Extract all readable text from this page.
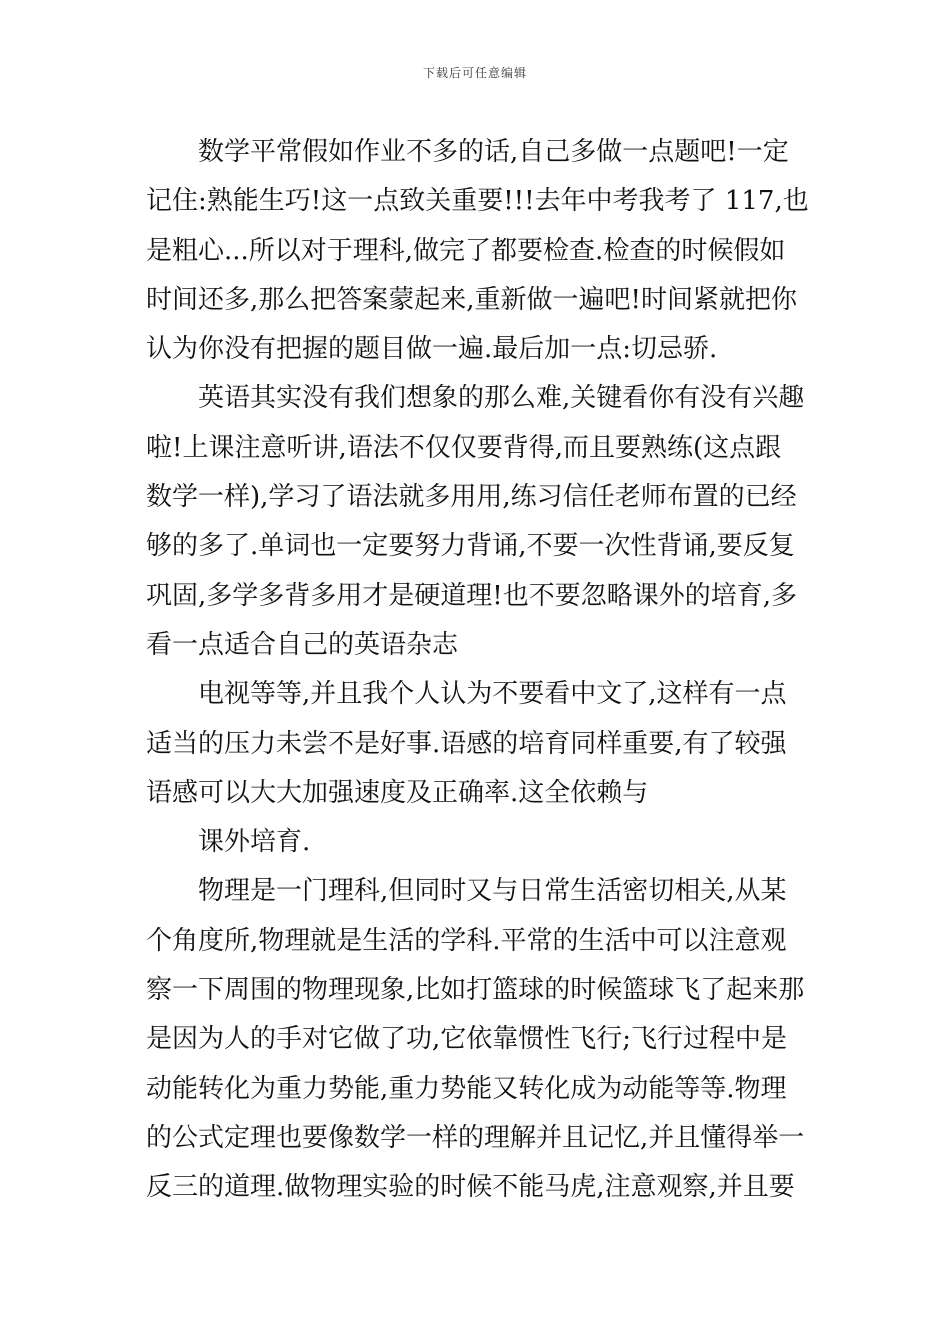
下载后可任意编辑
数学平常假如作业不多的话,自己多做一点题吧!一定
记住:熟能生巧!这一点致关重要!!!去年中考我考了 117,也
是粗心...所以对于理科,做完了都要检查.检查的时候假如
时间还多,那么把答案蒙起来,重新做一遍吧!时间紧就把你
认为你没有把握的题目做一遍.最后加一点:切忌骄.
英语其实没有我们想象的那么难,关键看你有没有兴趣
啦!上课注意听讲,语法不仅仅要背得,而且要熟练(这点跟
数学一样),学习了语法就多用用,练习信任老师布置的已经
够的多了.单词也一定要努力背诵,不要一次性背诵,要反复
巩固,多学多背多用才是硬道理!也不要忽略课外的培育,多
看一点适合自己的英语杂志
电视等等,并且我个人认为不要看中文了,这样有一点
适当的压力未尝不是好事.语感的培育同样重要,有了较强
语感可以大大加强速度及正确率.这全依赖与
课外培育.
物理是一门理科,但同时又与日常生活密切相关,从某
个角度所,物理就是生活的学科.平常的生活中可以注意观
察一下周围的物理现象,比如打篮球的时候篮球飞了起来那
是因为人的手对它做了功,它依靠惯性飞行;飞行过程中是
动能转化为重力势能,重力势能又转化成为动能等等.物理
的公式定理也要像数学一样的理解并且记忆,并且懂得举一
反三的道理.做物理实验的时候不能马虎,注意观察,并且要
